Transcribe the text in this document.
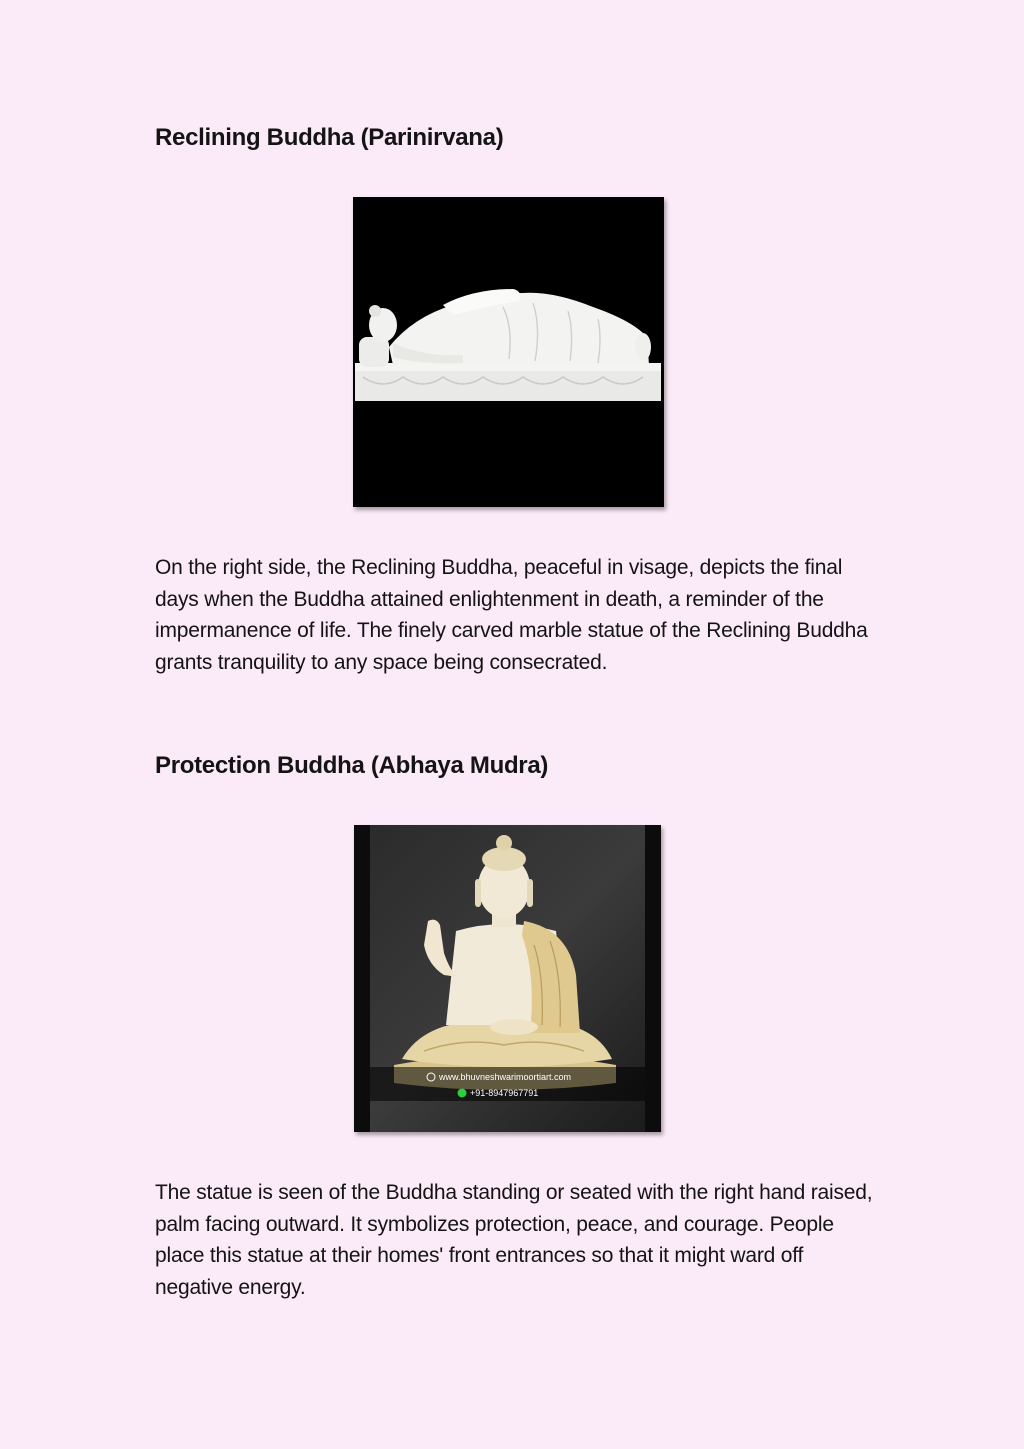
Reclining Buddha (Parinirvana)

On the right side, the Reclining Buddha, peaceful in visage, depicts the final days when the Buddha attained enlightenment in death, a reminder of the impermanence of life. The finely carved marble statue of the Reclining Buddha grants tranquility to any space being consecrated.

Protection Buddha (Abhaya Mudra)
www.bhuvneshwarimoortiart.com
+91-8947967791

The statue is seen of the Buddha standing or seated with the right hand raised, palm facing outward. It symbolizes protection, peace, and courage. People place this statue at their homes' front entrances so that it might ward off negative energy.
